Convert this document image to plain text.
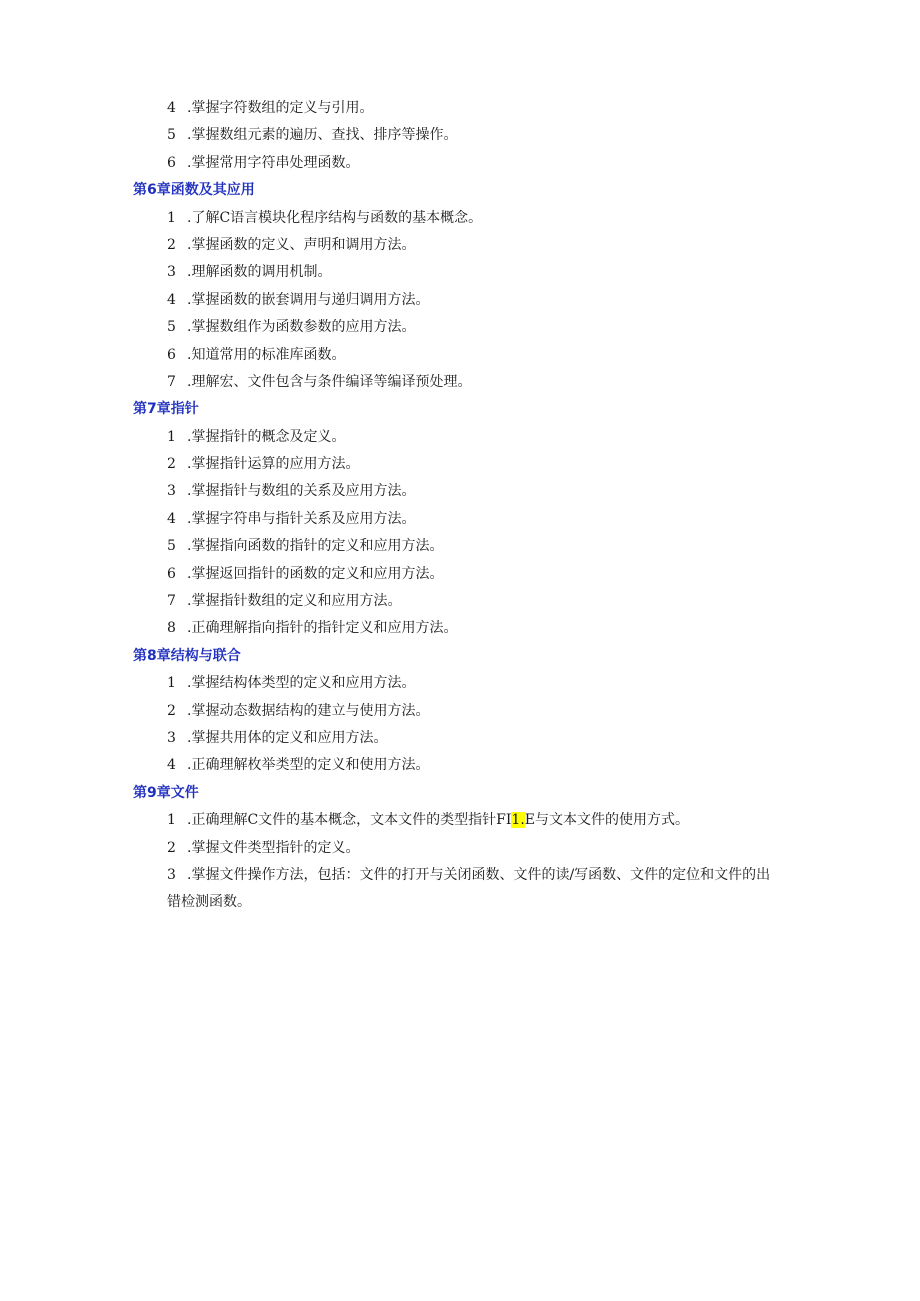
4 .掌握字符数组的定义与引用。
5 .掌握数组元素的遍历、查找、排序等操作。
6 .掌握常用字符串处理函数。
第6章函数及其应用
1 .了解C语言模块化程序结构与函数的基本概念。
2 .掌握函数的定义、声明和调用方法。
3 .理解函数的调用机制。
4 .掌握函数的嵌套调用与递归调用方法。
5 .掌握数组作为函数参数的应用方法。
6 .知道常用的标准库函数。
7 .理解宏、文件包含与条件编译等编译预处理。
第7章指针
1 .掌握指针的概念及定义。
2 .掌握指针运算的应用方法。
3 .掌握指针与数组的关系及应用方法。
4 .掌握字符串与指针关系及应用方法。
5 .掌握指向函数的指针的定义和应用方法。
6 .掌握返回指针的函数的定义和应用方法。
7 .掌握指针数组的定义和应用方法。
8 .正确理解指向指针的指针定义和应用方法。
第8章结构与联合
1 .掌握结构体类型的定义和应用方法。
2 .掌握动态数据结构的建立与使用方法。
3 .掌握共用体的定义和应用方法。
4 .正确理解枚举类型的定义和使用方法。
第9章文件
1 .正确理解C文件的基本概念，文本文件的类型指针FI1.E与文本文件的使用方式。
2 .掌握文件类型指针的定义。
3 .掌握文件操作方法，包括：文件的打开与关闭函数、文件的读/写函数、文件的定位和文件的出
错检测函数。
